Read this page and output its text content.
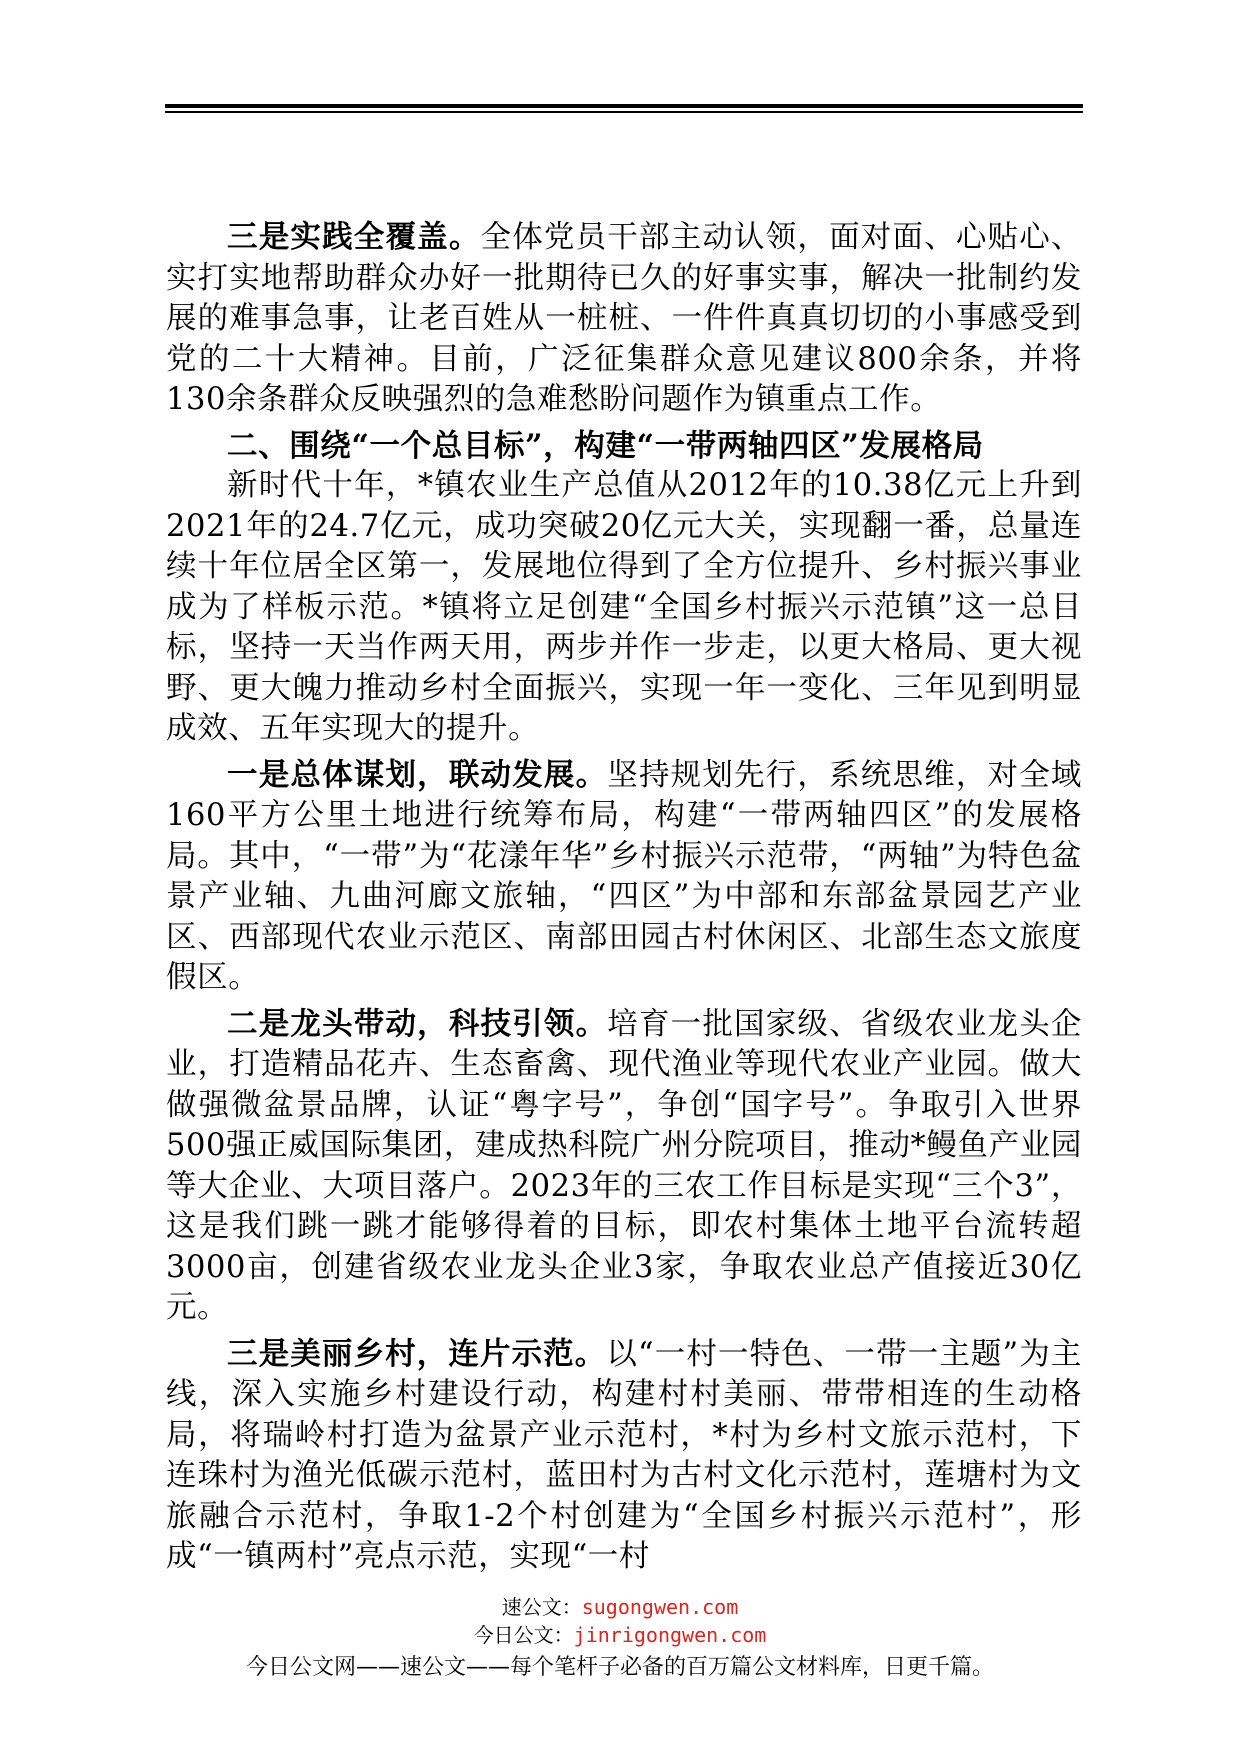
三是实践全覆盖。全体党员干部主动认领，面对面、心贴心、实打实地帮助群众办好一批期待已久的好事实事，解决一批制约发展的难事急事，让老百姓从一桩桩、一件件真真切切的小事感受到党的二十大精神。目前，广泛征集群众意见建议800余条，并将130余条群众反映强烈的急难愁盼问题作为镇重点工作。

二、围绕“一个总目标”，构建“一带两轴四区”发展格局

新时代十年，*镇农业生产总值从2012年的10.38亿元上升到2021年的24.7亿元，成功突破20亿元大关，实现翻一番，总量连续十年位居全区第一，发展地位得到了全方位提升、乡村振兴事业成为了样板示范。*镇将立足创建“全国乡村振兴示范镇”这一总目标，坚持一天当作两天用，两步并作一步走，以更大格局、更大视野、更大魄力推动乡村全面振兴，实现一年一变化、三年见到明显成效、五年实现大的提升。

一是总体谋划，联动发展。坚持规划先行，系统思维，对全域160平方公里土地进行统筹布局，构建“一带两轴四区”的发展格局。其中，“一带”为“花漾年华”乡村振兴示范带，“两轴”为特色盆景产业轴、九曲河廊文旅轴，“四区”为中部和东部盆景园艺产业区、西部现代农业示范区、南部田园古村休闲区、北部生态文旅度假区。

二是龙头带动，科技引领。培育一批国家级、省级农业龙头企业，打造精品花卉、生态畜禽、现代渔业等现代农业产业园。做大做强微盆景品牌，认证“粤字号”，争创“国字号”。争取引入世界500强正威国际集团，建成热科院广州分院项目，推动*鳗鱼产业园等大企业、大项目落户。2023年的三农工作目标是实现“三个3”，这是我们跳一跳才能够得着的目标，即农村集体土地平台流转超3000亩，创建省级农业龙头企业3家，争取农业总产值接近30亿元。

三是美丽乡村，连片示范。以“一村一特色、一带一主题”为主线，深入实施乡村建设行动，构建村村美丽、带带相连的生动格局，将瑞岭村打造为盆景产业示范村，*村为乡村文旅示范村，下连珠村为渔光低碳示范村，蓝田村为古村文化示范村，莲塘村为文旅融合示范村，争取1-2个村创建为“全国乡村振兴示范村”，形成“一镇两村”亮点示范，实现“一村

速公文：sugongwen.com

今日公文：jinrigongwen.com

今日公文网——速公文——每个笔杆子必备的百万篇公文材料库，日更千篇。
